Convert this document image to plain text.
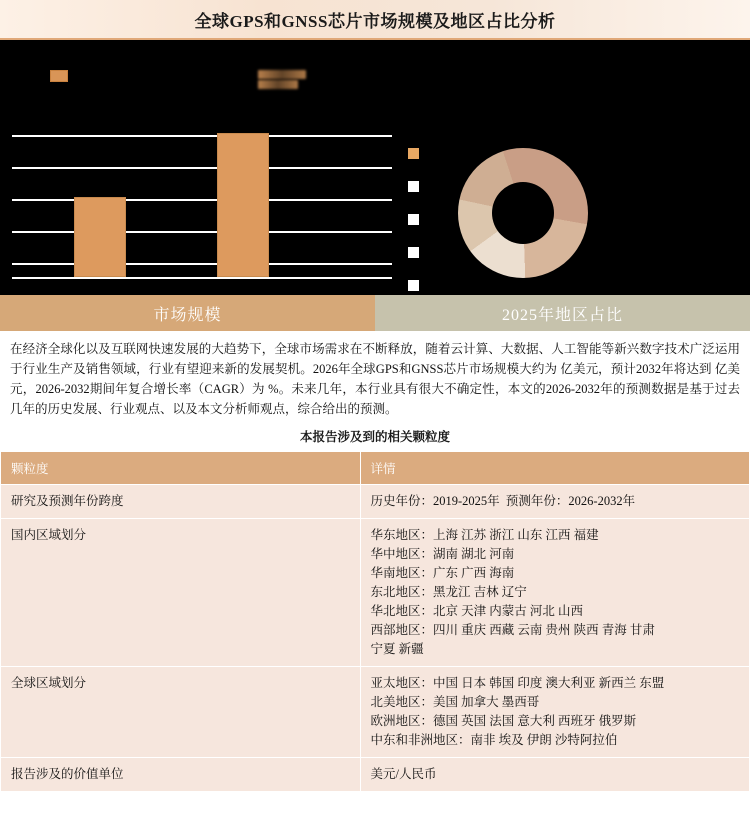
全球GPS和GNSS芯片市场规模及地区占比分析
市场规模	2025年地区占比
在经济全球化以及互联网快速发展的大趋势下，全球市场需求在不断释放，随着云计算、大数据、人工智能等新兴数字技术广泛运用于行业生产及销售领域，行业有望迎来新的发展契机。2026年全球GPS和GNSS芯片市场规模大约为 亿美元，预计2032年将达到 亿美元，2026-2032期间年复合增长率（CAGR）为 %。未来几年，本行业具有很大不确定性，本文的2026-2032年的预测数据是基于过去几年的历史发展、行业观点、以及本文分析师观点，综合给出的预测。
本报告涉及到的相关颗粒度
颗粒度	详情
研究及预测年份跨度	历史年份：2019-2025年  预测年份：2026-2032年

国内区域划分	华东地区：上海 江苏 浙江 山东 江西 福建
华中地区：湖南 湖北 河南
华南地区：广东 广西 海南
东北地区：黑龙江 吉林 辽宁
华北地区：北京 天津 内蒙古 河北 山西
西部地区：四川 重庆 西藏 云南 贵州 陕西 青海 甘肃
宁夏 新疆

全球区域划分	亚太地区：中国 日本 韩国 印度 澳大利亚 新西兰 东盟
北美地区：美国 加拿大 墨西哥
欧洲地区：德国 英国 法国 意大利 西班牙 俄罗斯
中东和非洲地区：南非 埃及 伊朗 沙特阿拉伯

报告涉及的价值单位	美元/人民币
